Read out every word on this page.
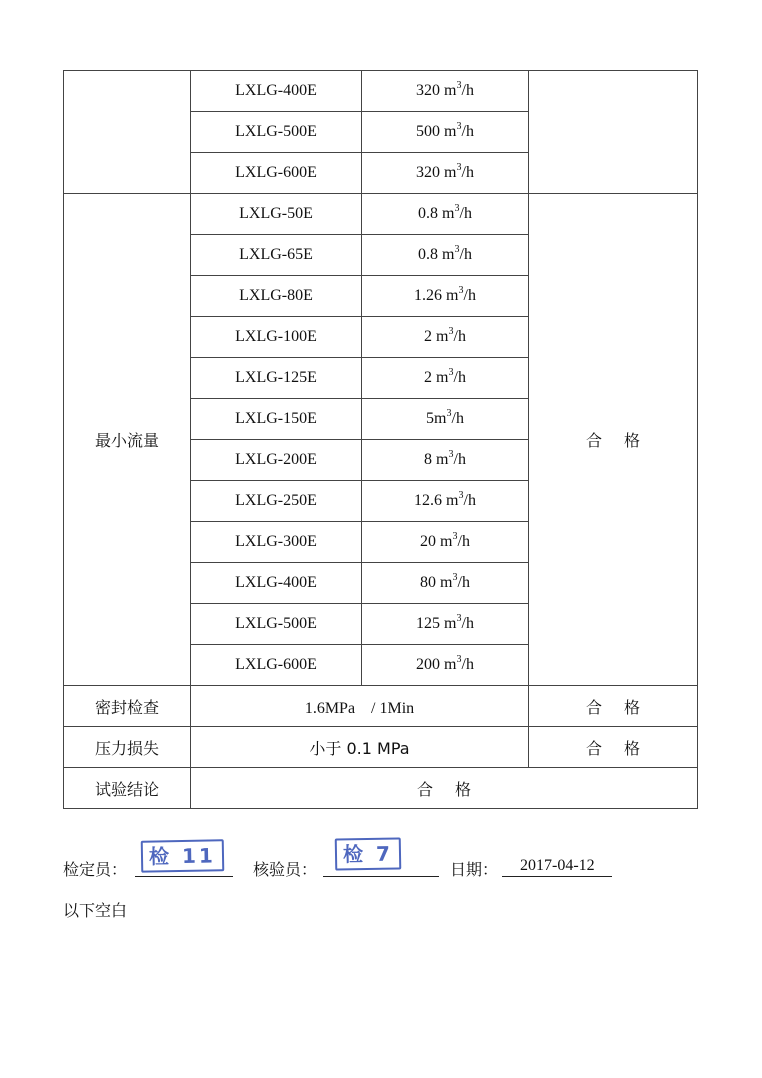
	LXLG-400E	320 $m^3/h$	
	LXLG-500E	500 $m^3/h$	
	LXLG-600E	320 $m^3/h$	
最小流量	LXLG-50E	0.8 $m^3/h$	合 格
	LXLG-65E	0.8 $m^3/h$	
	LXLG-80E	1.26 $m^3/h$	
	LXLG-100E	2 $m^3/h$	
	LXLG-125E	2 $m^3/h$	
	LXLG-150E	$5m^3/h$	
	LXLG-200E	8 $m^3/h$	
	LXLG-250E	12.6 $m^3/h$	
	LXLG-300E	20 $m^3/h$	
	LXLG-400E	80 $m^3/h$	
	LXLG-500E	125 $m^3/h$	
	LXLG-600E	200 $m^3/h$	
密封检查	1.6MPa　/ 1Min		合 格
压力损失	小于 0.1 MPa		合 格
试验结论	合 格		
检定员：
检 11
核验员：
检 7
日期： 2017-04-12
以下空白
